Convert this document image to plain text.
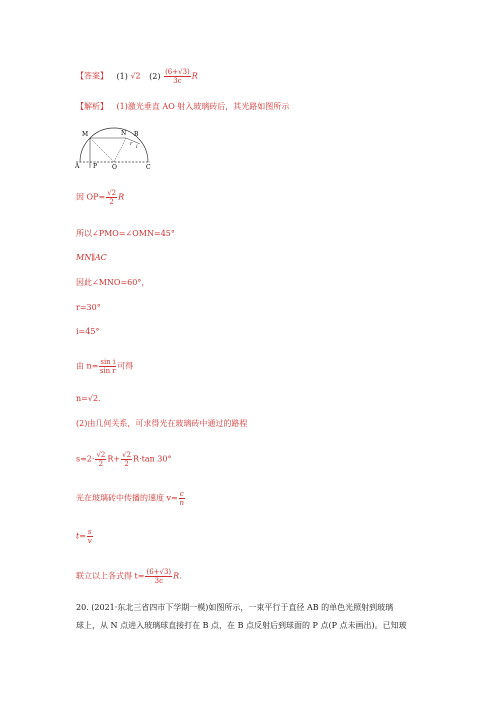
【答案】 (1) √2 $(2) \frac{(6+√3)}{3c}$ R
【解析】 (1)激光垂直 AO 射入玻璃砖后，其光路如图所示
M	N B
r i
A P O	C
因 $OP= \frac{√2}{2}$ R
所以∠PMO=∠OMN=45°
MN∥AC
因此∠MNO=60°，
r=30°
i=45°
由 $n= \frac{\text{sin i}}{\text{sin r}}$ 可得
n=√2.
(2)由几何关系，可求得光在玻璃砖中通过的路程
$s=2\cdot \frac{√2}{2} R+ \frac{√2}{2} R\cdot\tan$ 30°
光在玻璃砖中传播的速度 $v= \frac{c}{n}$
$t= \frac{s}{v}$
联立以上各式得 $t= \frac{(6+√3)}{3c} R$.
20. (2021·东北三省四市下学期一模)如图所示，一束平行于直径 AB 的单色光照射到玻璃
球上，从 N 点进入玻璃球直接打在 B 点，在 B 点反射后到球面的 P 点(P 点未画出)。已知玻
